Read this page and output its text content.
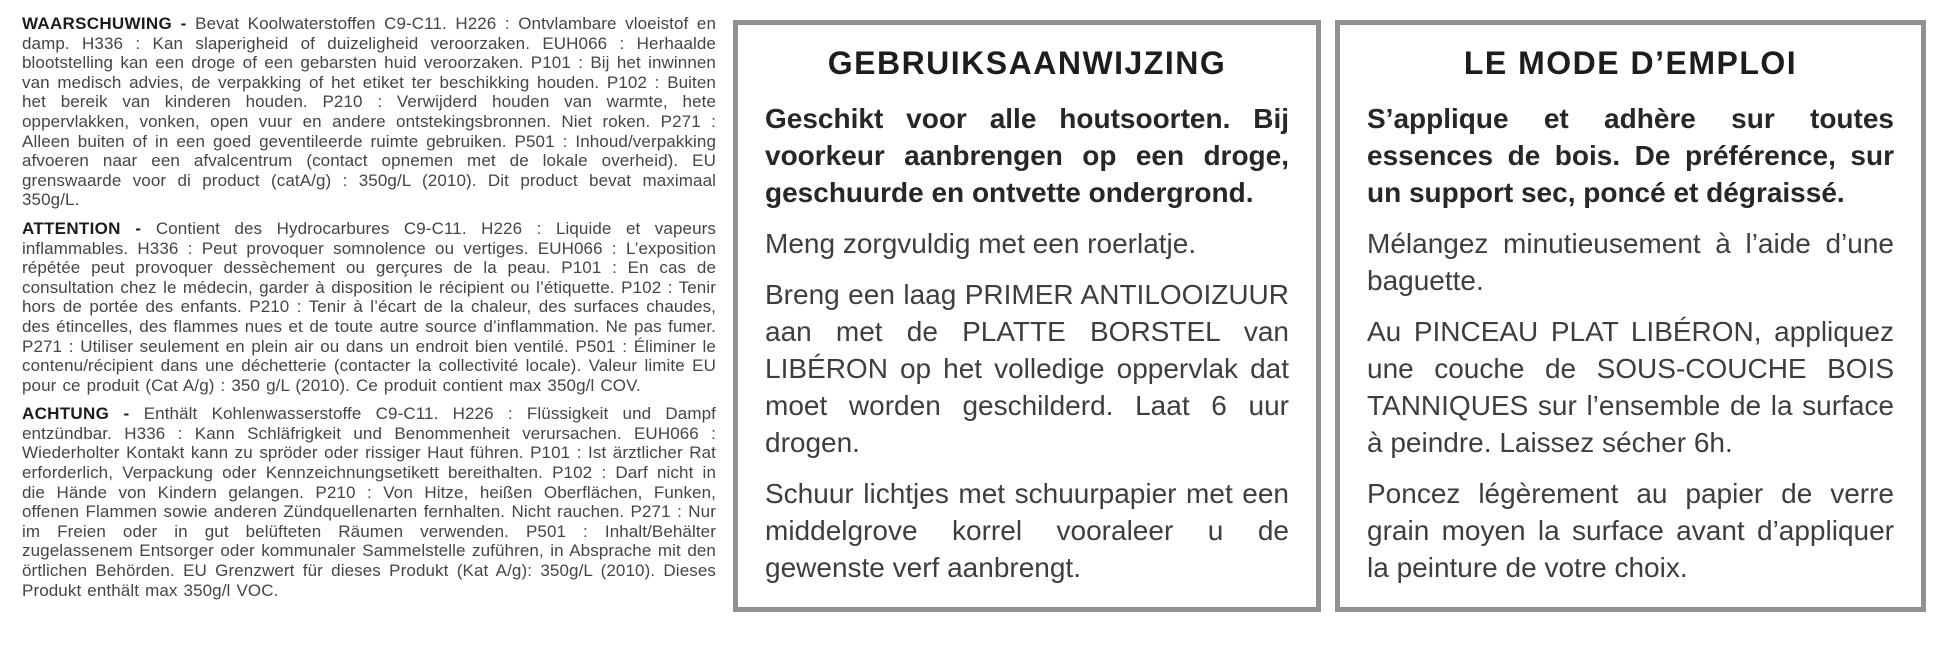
WAARSCHUWING - Bevat Koolwaterstoffen C9-C11. H226 : Ontvlambare vloeistof en damp. H336 : Kan slaperigheid of duizeligheid veroorzaken. EUH066 : Herhaalde blootstelling kan een droge of een gebarsten huid veroorzaken. P101 : Bij het inwinnen van medisch advies, de verpakking of het etiket ter beschikking houden. P102 : Buiten het bereik van kinderen houden. P210 : Verwijderd houden van warmte, hete oppervlakken, vonken, open vuur en andere ontstekingsbronnen. Niet roken. P271 : Alleen buiten of in een goed geventileerde ruimte gebruiken. P501 : Inhoud/verpakking afvoeren naar een afvalcentrum (contact opnemen met de lokale overheid). EU grenswaarde voor di product (catA/g) : 350g/L (2010). Dit product bevat maximaal 350g/L.

ATTENTION - Contient des Hydrocarbures C9-C11. H226 : Liquide et vapeurs inflammables. H336 : Peut provoquer somnolence ou vertiges. EUH066 : L’exposition répétée peut provoquer dessèchement ou gerçures de la peau. P101 : En cas de consultation chez le médecin, garder à disposition le récipient ou l’étiquette. P102 : Tenir hors de portée des enfants. P210 : Tenir à l’écart de la chaleur, des surfaces chaudes, des étincelles, des flammes nues et de toute autre source d’inflammation. Ne pas fumer. P271 : Utiliser seulement en plein air ou dans un endroit bien ventilé. P501 : Éliminer le contenu/récipient dans une déchetterie (contacter la collectivité locale). Valeur limite EU pour ce produit (Cat A/g) : 350 g/L (2010). Ce produit contient max 350g/l COV.

ACHTUNG - Enthält Kohlenwasserstoffe C9-C11. H226 : Flüssigkeit und Dampf entzündbar. H336 : Kann Schläfrigkeit und Benommenheit verursachen. EUH066 : Wiederholter Kontakt kann zu spröder oder rissiger Haut führen. P101 : Ist ärztlicher Rat erforderlich, Verpackung oder Kennzeichnungsetikett bereithalten. P102 : Darf nicht in die Hände von Kindern gelangen. P210 : Von Hitze, heißen Oberflächen, Funken, offenen Flammen sowie anderen Zündquellenarten fernhalten. Nicht rauchen. P271 : Nur im Freien oder in gut belüfteten Räumen verwenden. P501 : Inhalt/Behälter zugelassenem Entsorger oder kommunaler Sammelstelle zuführen, in Absprache mit den örtlichen Behörden. EU Grenzwert für dieses Produkt (Kat A/g): 350g/L (2010). Dieses Produkt enthält max 350g/l VOC.

GEBRUIKSAANWIJZING

Geschikt voor alle houtsoorten. Bij voorkeur aanbrengen op een droge, geschuurde en ontvette ondergrond.

Meng zorgvuldig met een roerlatje.

Breng een laag PRIMER ANTILOOIZUUR aan met de PLATTE BORSTEL van LIBÉRON op het volledige oppervlak dat moet worden geschilderd. Laat 6 uur drogen.

Schuur lichtjes met schuurpapier met een middelgrove korrel vooraleer u de gewenste verf aanbrengt.

LE MODE D’EMPLOI

S’applique et adhère sur toutes essences de bois. De préférence, sur un support sec, poncé et dégraissé.

Mélangez minutieusement à l’aide d’une baguette.

Au PINCEAU PLAT LIBÉRON, appliquez une couche de SOUS-COUCHE BOIS TANNIQUES sur l’ensemble de la surface à peindre. Laissez sécher 6h.

Poncez légèrement au papier de verre grain moyen la surface avant d’appliquer la peinture de votre choix.
